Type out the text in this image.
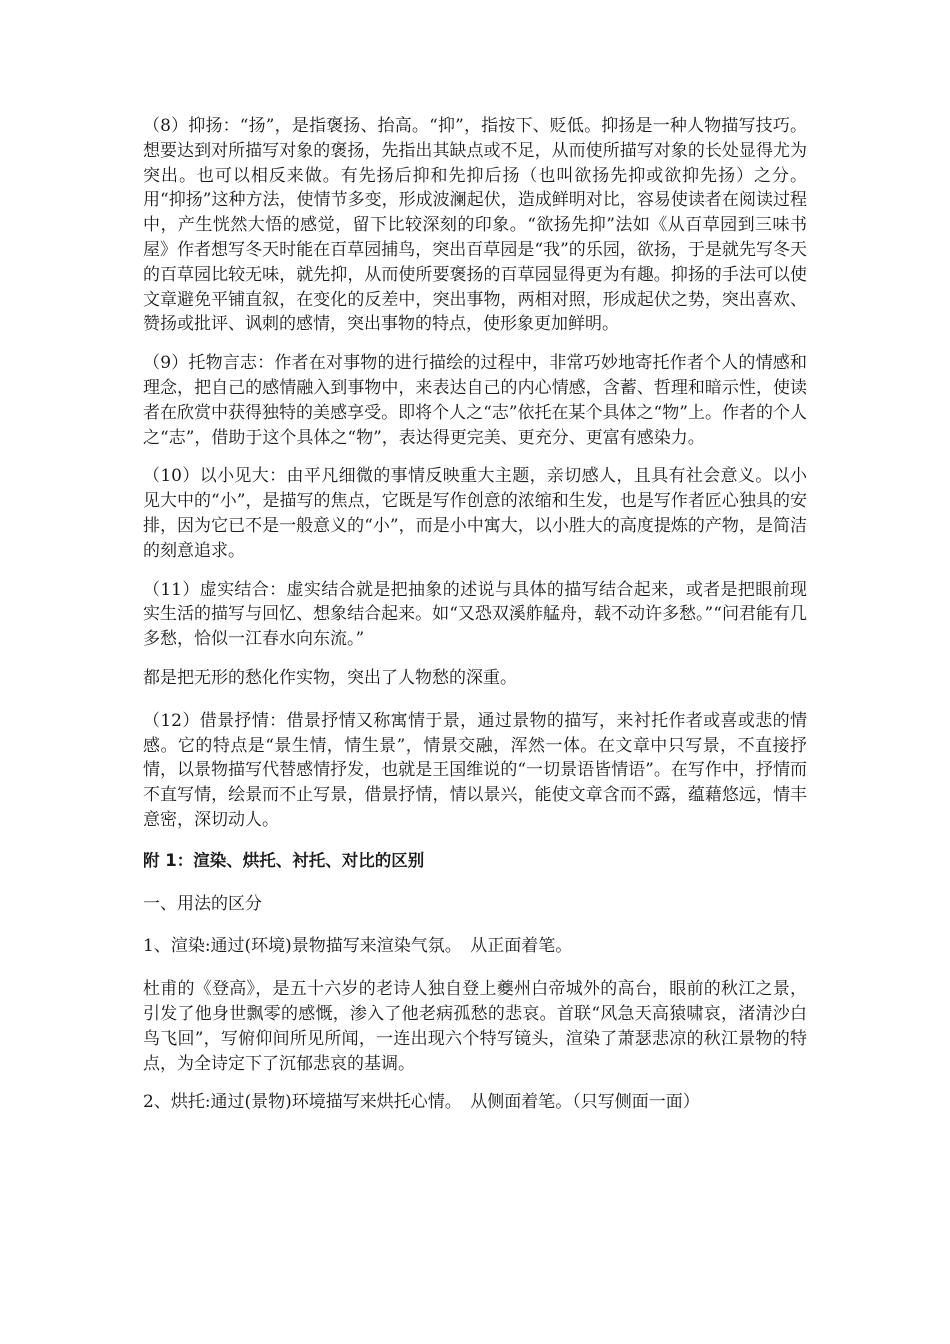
（8）抑扬：“扬”，是指褒扬、抬高。“抑”，指按下、贬低。抑扬是一种人物描写技巧。想要达到对所描写对象的褒扬，先指出其缺点或不足，从而使所描写对象的长处显得尤为突出。也可以相反来做。有先扬后抑和先抑后扬（也叫欲扬先抑或欲抑先扬）之分。用“抑扬”这种方法，使情节多变，形成波澜起伏，造成鲜明对比，容易使读者在阅读过程中，产生恍然大悟的感觉，留下比较深刻的印象。“欲扬先抑”法如《从百草园到三味书屋》作者想写冬天时能在百草园捕鸟，突出百草园是“我”的乐园，欲扬，于是就先写冬天的百草园比较无味，就先抑，从而使所要褒扬的百草园显得更为有趣。抑扬的手法可以使文章避免平铺直叙，在变化的反差中，突出事物，两相对照，形成起伏之势，突出喜欢、赞扬或批评、讽刺的感情，突出事物的特点，使形象更加鲜明。

（9）托物言志：作者在对事物的进行描绘的过程中，非常巧妙地寄托作者个人的情感和理念，把自己的感情融入到事物中，来表达自己的内心情感，含蓄、哲理和暗示性，使读者在欣赏中获得独特的美感享受。即将个人之“志”依托在某个具体之“物”上。作者的个人之“志”，借助于这个具体之“物”，表达得更完美、更充分、更富有感染力。

（10）以小见大：由平凡细微的事情反映重大主题，亲切感人，且具有社会意义。以小见大中的“小”，是描写的焦点，它既是写作创意的浓缩和生发，也是写作者匠心独具的安排，因为它已不是一般意义的“小”，而是小中寓大，以小胜大的高度提炼的产物，是简洁的刻意追求。

（11）虚实结合：虚实结合就是把抽象的述说与具体的描写结合起来，或者是把眼前现实生活的描写与回忆、想象结合起来。如“又恐双溪舴艋舟，载不动许多愁。”“问君能有几多愁，恰似一江春水向东流。”

都是把无形的愁化作实物，突出了人物愁的深重。

（12）借景抒情：借景抒情又称寓情于景，通过景物的描写，来衬托作者或喜或悲的情感。它的特点是“景生情，情生景”，情景交融，浑然一体。在文章中只写景，不直接抒情，以景物描写代替感情抒发，也就是王国维说的“一切景语皆情语”。在写作中，抒情而不直写情，绘景而不止写景，借景抒情，情以景兴，能使文章含而不露，蕴藉悠远，情丰意密，深切动人。

附 1：渲染、烘托、衬托、对比的区别

一、用法的区分

1、渲染:通过(环境)景物描写来渲染气氛。　从正面着笔。

杜甫的《登高》，是五十六岁的老诗人独自登上夔州白帝城外的高台，眼前的秋江之景，引发了他身世飘零的感慨，渗入了他老病孤愁的悲哀。首联“风急天高猿啸哀，渚清沙白鸟飞回”，写俯仰间所见所闻，一连出现六个特写镜头，渲染了萧瑟悲凉的秋江景物的特点，为全诗定下了沉郁悲哀的基调。

2、烘托:通过(景物)环境描写来烘托心情。　从侧面着笔。（只写侧面一面）
